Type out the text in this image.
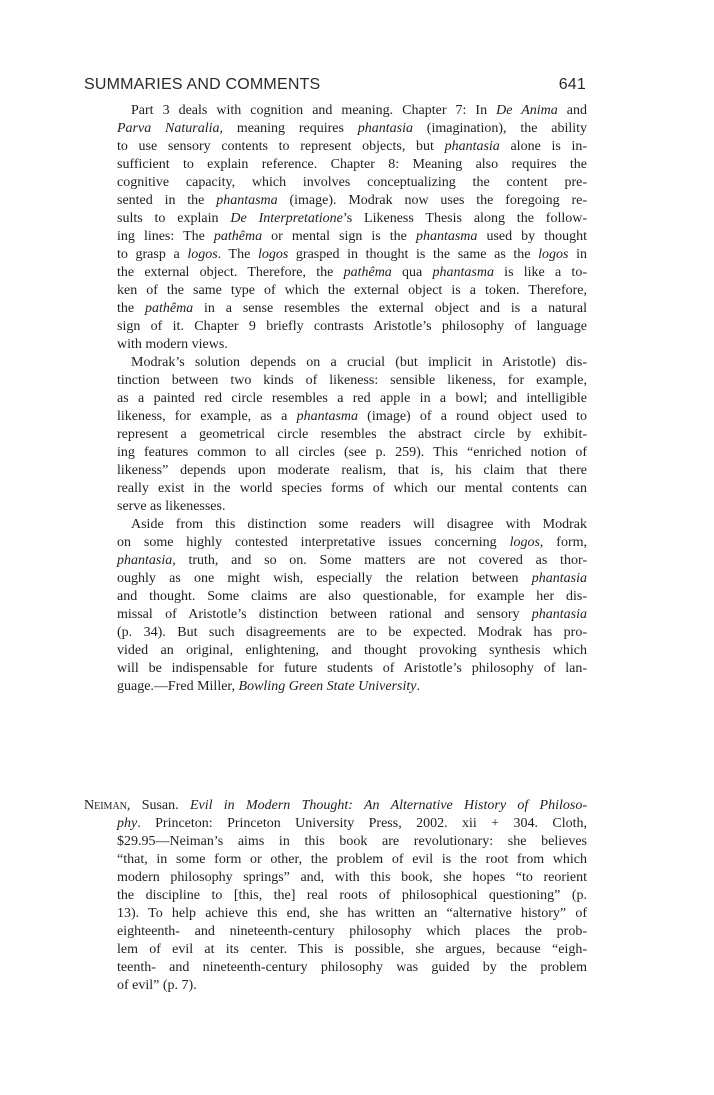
SUMMARIES AND COMMENTS	641
Part 3 deals with cognition and meaning. Chapter 7: In De Anima and
Parva Naturalia, meaning requires phantasia (imagination), the ability
to use sensory contents to represent objects, but phantasia alone is in-
sufficient to explain reference. Chapter 8: Meaning also requires the
cognitive capacity, which involves conceptualizing the content pre-
sented in the phantasma (image). Modrak now uses the foregoing re-
sults to explain De Interpretatione’s Likeness Thesis along the follow-
ing lines: The pathêma or mental sign is the phantasma used by thought
to grasp a logos. The logos grasped in thought is the same as the logos in
the external object. Therefore, the pathêma qua phantasma is like a to-
ken of the same type of which the external object is a token. Therefore,
the pathêma in a sense resembles the external object and is a natural
sign of it. Chapter 9 briefly contrasts Aristotle’s philosophy of language
with modern views.
Modrak’s solution depends on a crucial (but implicit in Aristotle) dis-
tinction between two kinds of likeness: sensible likeness, for example,
as a painted red circle resembles a red apple in a bowl; and intelligible
likeness, for example, as a phantasma (image) of a round object used to
represent a geometrical circle resembles the abstract circle by exhibit-
ing features common to all circles (see p. 259). This “enriched notion of
likeness” depends upon moderate realism, that is, his claim that there
really exist in the world species forms of which our mental contents can
serve as likenesses.
Aside from this distinction some readers will disagree with Modrak
on some highly contested interpretative issues concerning logos, form,
phantasia, truth, and so on. Some matters are not covered as thor-
oughly as one might wish, especially the relation between phantasia
and thought. Some claims are also questionable, for example her dis-
missal of Aristotle’s distinction between rational and sensory phantasia
(p. 34). But such disagreements are to be expected. Modrak has pro-
vided an original, enlightening, and thought provoking synthesis which
will be indispensable for future students of Aristotle’s philosophy of lan-
guage.—Fred Miller, Bowling Green State University.
Neiman, Susan. Evil in Modern Thought: An Alternative History of Philoso-
phy. Princeton: Princeton University Press, 2002. xii + 304. Cloth,
$29.95—Neiman’s aims in this book are revolutionary: she believes
“that, in some form or other, the problem of evil is the root from which
modern philosophy springs” and, with this book, she hopes “to reorient
the discipline to [this, the] real roots of philosophical questioning” (p.
13). To help achieve this end, she has written an “alternative history” of
eighteenth- and nineteenth-century philosophy which places the prob-
lem of evil at its center. This is possible, she argues, because “eigh-
teenth- and nineteenth-century philosophy was guided by the problem
of evil” (p. 7).
